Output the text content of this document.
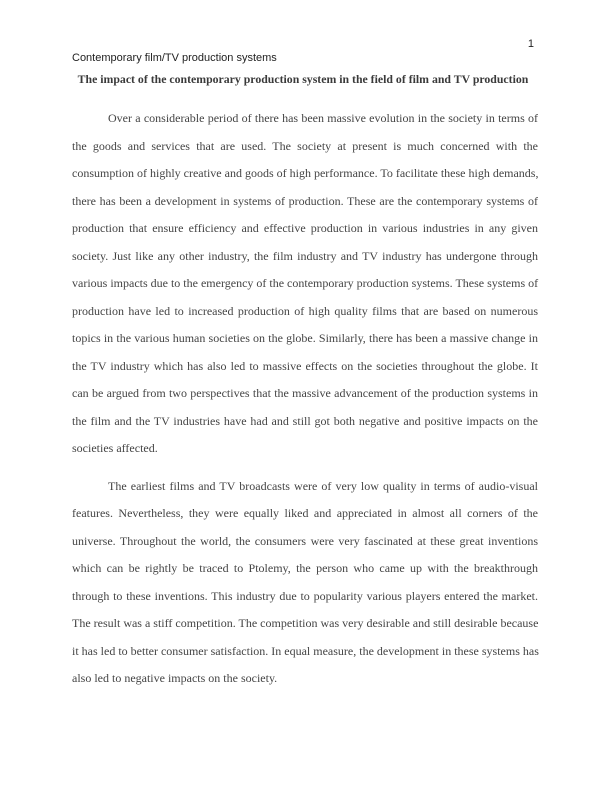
1
Contemporary film/TV production systems
The impact of the contemporary production system in the field of film and TV production
Over a considerable period of there has been massive evolution in the society in terms of
the goods and services that are used. The society at present is much concerned with the
consumption of highly creative and goods of high performance. To facilitate these high demands,
there has been a development in systems of production. These are the contemporary systems of
production that ensure efficiency and effective production in various industries in any given
society. Just like any other industry, the film industry and TV industry has undergone through
various impacts due to the emergency of the contemporary production systems. These systems of
production have led to increased production of high quality films that are based on numerous
topics in the various human societies on the globe. Similarly, there has been a massive change in
the TV industry which has also led to massive effects on the societies throughout the globe. It
can be argued from two perspectives that the massive advancement of the production systems in
the film and the TV industries have had and still got both negative and positive impacts on the
societies affected.
The earliest films and TV broadcasts were of very low quality in terms of audio-visual
features. Nevertheless, they were equally liked and appreciated in almost all corners of the
universe. Throughout the world, the consumers were very fascinated at these great inventions
which can be rightly be traced to Ptolemy, the person who came up with the breakthrough
through to these inventions. This industry due to popularity various players entered the market.
The result was a stiff competition. The competition was very desirable and still desirable because
it has led to better consumer satisfaction. In equal measure, the development in these systems has
also led to negative impacts on the society.
